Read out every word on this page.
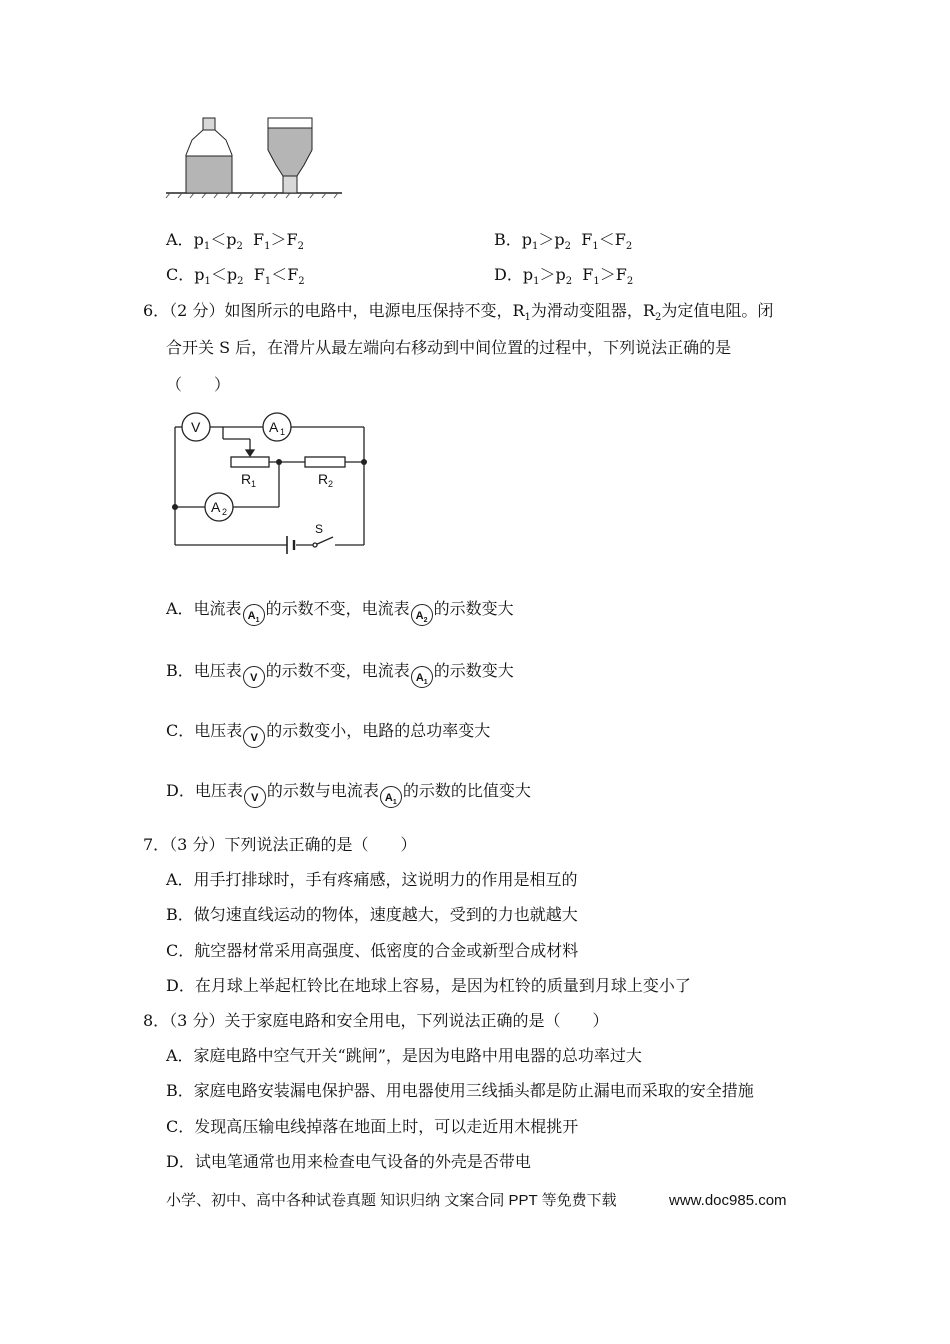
A．$p_1<p_2$ $F_1>F_2$	B．$p_1>p_2$ $F_1<F_2$
C．$p_1<p_2$ $F_1<F_2$	D．$p_1>p_2$ $F_1>F_2$
6．（2 分）如图所示的电路中，电源电压保持不变，$R_1$为滑动变阻器，$R_2$为定值电阻。闭
合开关 S 后，在滑片从最左端向右移动到中间位置的过程中，下列说法正确的是
（　　）
V	A 1
A 2
R 1	R 2
S
A．电流表 $A_1$的示数不变，电流表 $A_2$的示数变大
B．电压表 V 的示数不变，电流表 $A_1$的示数变大
C．电压表 V 的示数变小，电路的总功率变大
D．电压表 V 的示数与电流表 $A_1$的示数的比值变大
7．（3 分）下列说法正确的是（　　）
A．用手打排球时，手有疼痛感，这说明力的作用是相互的
B．做匀速直线运动的物体，速度越大，受到的力也就越大
C．航空器材常采用高强度、低密度的合金或新型合成材料
D．在月球上举起杠铃比在地球上容易，是因为杠铃的质量到月球上变小了
8．（3 分）关于家庭电路和安全用电，下列说法正确的是（　　）
A．家庭电路中空气开关“跳闸”，是因为电路中用电器的总功率过大
B．家庭电路安装漏电保护器、用电器使用三线插头都是防止漏电而采取的安全措施
C．发现高压输电线掉落在地面上时，可以走近用木棍挑开
D．试电笔通常也用来检查电气设备的外壳是否带电
小学、初中、高中各种试卷真题 知识归纳 文案合同 PPT 等免费下载	www.doc985.com
